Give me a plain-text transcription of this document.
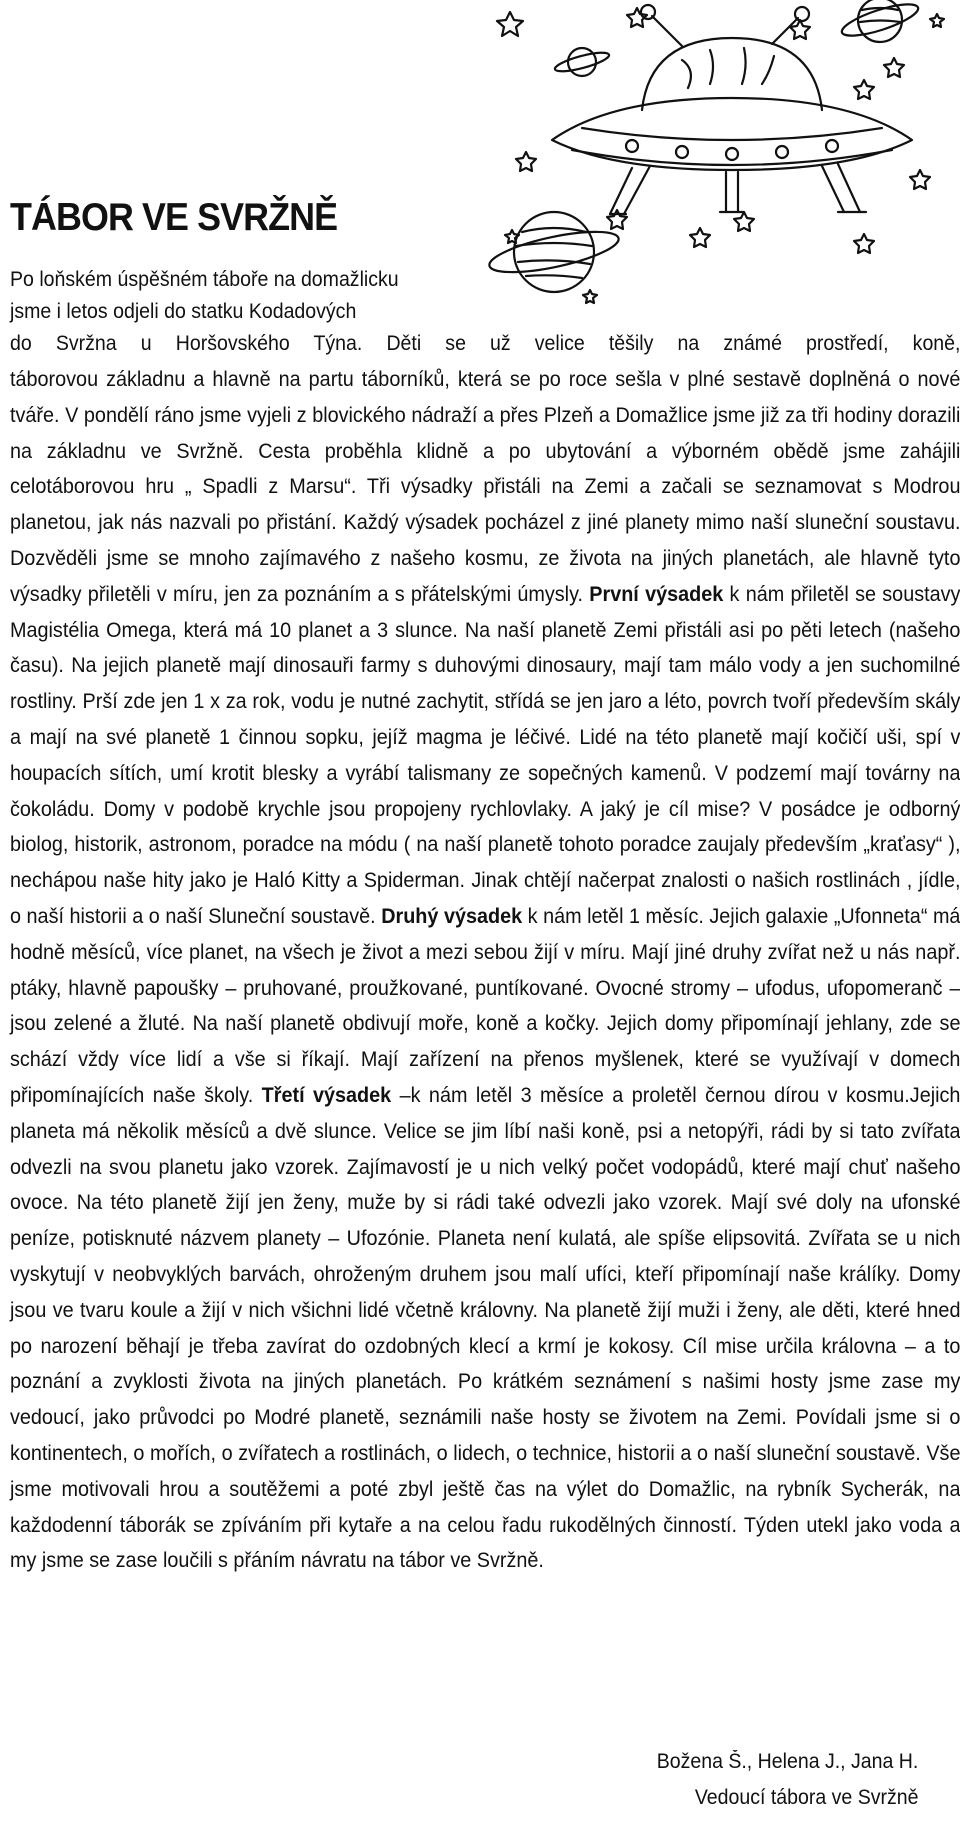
TÁBOR VE SVRŽNĚ
Po loňském úspěšném táboře na domažlicku
jsme i letos odjeli do statku Kodadových
do Svržna u Horšovského Týna. Děti se už velice těšily na známé prostředí, koně,

táborovou základnu a hlavně na partu táborníků, která se po roce sešla v plné sestavě doplněná o nové tváře. V pondělí ráno jsme vyjeli z blovického nádraží a přes Plzeň a Domažlice jsme již za tři hodiny dorazili na základnu ve Svržně. Cesta proběhla klidně a po ubytování a výborném obědě jsme zahájili celotáborovou hru „ Spadli z Marsu“. Tři výsadky přistáli na Zemi a začali se seznamovat s Modrou planetou, jak nás nazvali po přistání. Každý výsadek pocházel z jiné planety mimo naší sluneční soustavu. Dozvěděli jsme se mnoho zajímavého z našeho kosmu, ze života na jiných planetách, ale hlavně tyto výsadky přiletěli v míru, jen za poznáním a s přátelskými úmysly. První výsadek k nám přiletěl se soustavy Magistélia Omega, která má 10 planet a 3 slunce. Na naší planetě Zemi přistáli asi po pěti letech (našeho času). Na jejich planetě mají dinosauři farmy s duhovými dinosaury, mají tam málo vody a jen suchomilné rostliny. Prší zde jen 1 x za rok, vodu je nutné zachytit, střídá se jen jaro a léto, povrch tvoří především skály a mají na své planetě 1 činnou sopku, jejíž magma je léčivé. Lidé na této planetě mají kočičí uši, spí v houpacích sítích, umí krotit blesky a vyrábí talismany ze sopečných kamenů. V podzemí mají továrny na čokoládu. Domy v podobě krychle jsou propojeny rychlovlaky. A jaký je cíl mise? V posádce je odborný biolog, historik, astronom, poradce na módu ( na naší planetě tohoto poradce zaujaly především „kraťasy“ ), nechápou naše hity jako je Haló Kitty a Spiderman. Jinak chtějí načerpat znalosti o našich rostlinách , jídle, o naší historii a o naší Sluneční soustavě. Druhý výsadek k nám letěl 1 měsíc. Jejich galaxie „Ufonneta“ má hodně měsíců, více planet, na všech je život a mezi sebou žijí v míru. Mají jiné druhy zvířat než u nás např. ptáky, hlavně papoušky – pruhované, proužkované, puntíkované. Ovocné stromy – ufodus, ufopomeranč – jsou zelené a žluté. Na naší planetě obdivují moře, koně a kočky. Jejich domy připomínají jehlany, zde se schází vždy více lidí a vše si říkají. Mají zařízení na přenos myšlenek, které se využívají v domech připomínajících naše školy. Třetí výsadek –k nám letěl 3 měsíce a proletěl černou dírou v kosmu.Jejich planeta má několik měsíců a dvě slunce. Velice se jim líbí naši koně, psi a netopýři, rádi by si tato zvířata odvezli na svou planetu jako vzorek. Zajímavostí je u nich velký počet vodopádů, které mají chuť našeho ovoce. Na této planetě žijí jen ženy, muže by si rádi také odvezli jako vzorek. Mají své doly na ufonské peníze, potisknuté názvem planety – Ufozónie. Planeta není kulatá, ale spíše elipsovitá. Zvířata se u nich vyskytují v neobvyklých barvách, ohroženým druhem jsou malí ufíci, kteří připomínají naše králíky. Domy jsou ve tvaru koule a žijí v nich všichni lidé včetně královny. Na planetě žijí muži i ženy, ale děti, které hned po narození běhají je třeba zavírat do ozdobných klecí a krmí je kokosy. Cíl mise určila královna – a to poznání a zvyklosti života na jiných planetách. Po krátkém seznámení s našimi hosty jsme zase my vedoucí, jako průvodci po Modré planetě, seznámili naše hosty se životem na Zemi. Povídali jsme si o kontinentech, o mořích, o zvířatech a rostlinách, o lidech, o technice, historii a o naší sluneční soustavě. Vše jsme motivovali hrou a soutěžemi a poté zbyl ještě čas na výlet do Domažlic, na rybník Sycherák, na každodenní táborák se zpíváním při kytaře a na celou řadu rukodělných činností. Týden utekl jako voda a my jsme se zase loučili s přáním návratu na tábor ve Svržně.

Božena Š., Helena J., Jana H.
Vedoucí tábora ve Svržně
